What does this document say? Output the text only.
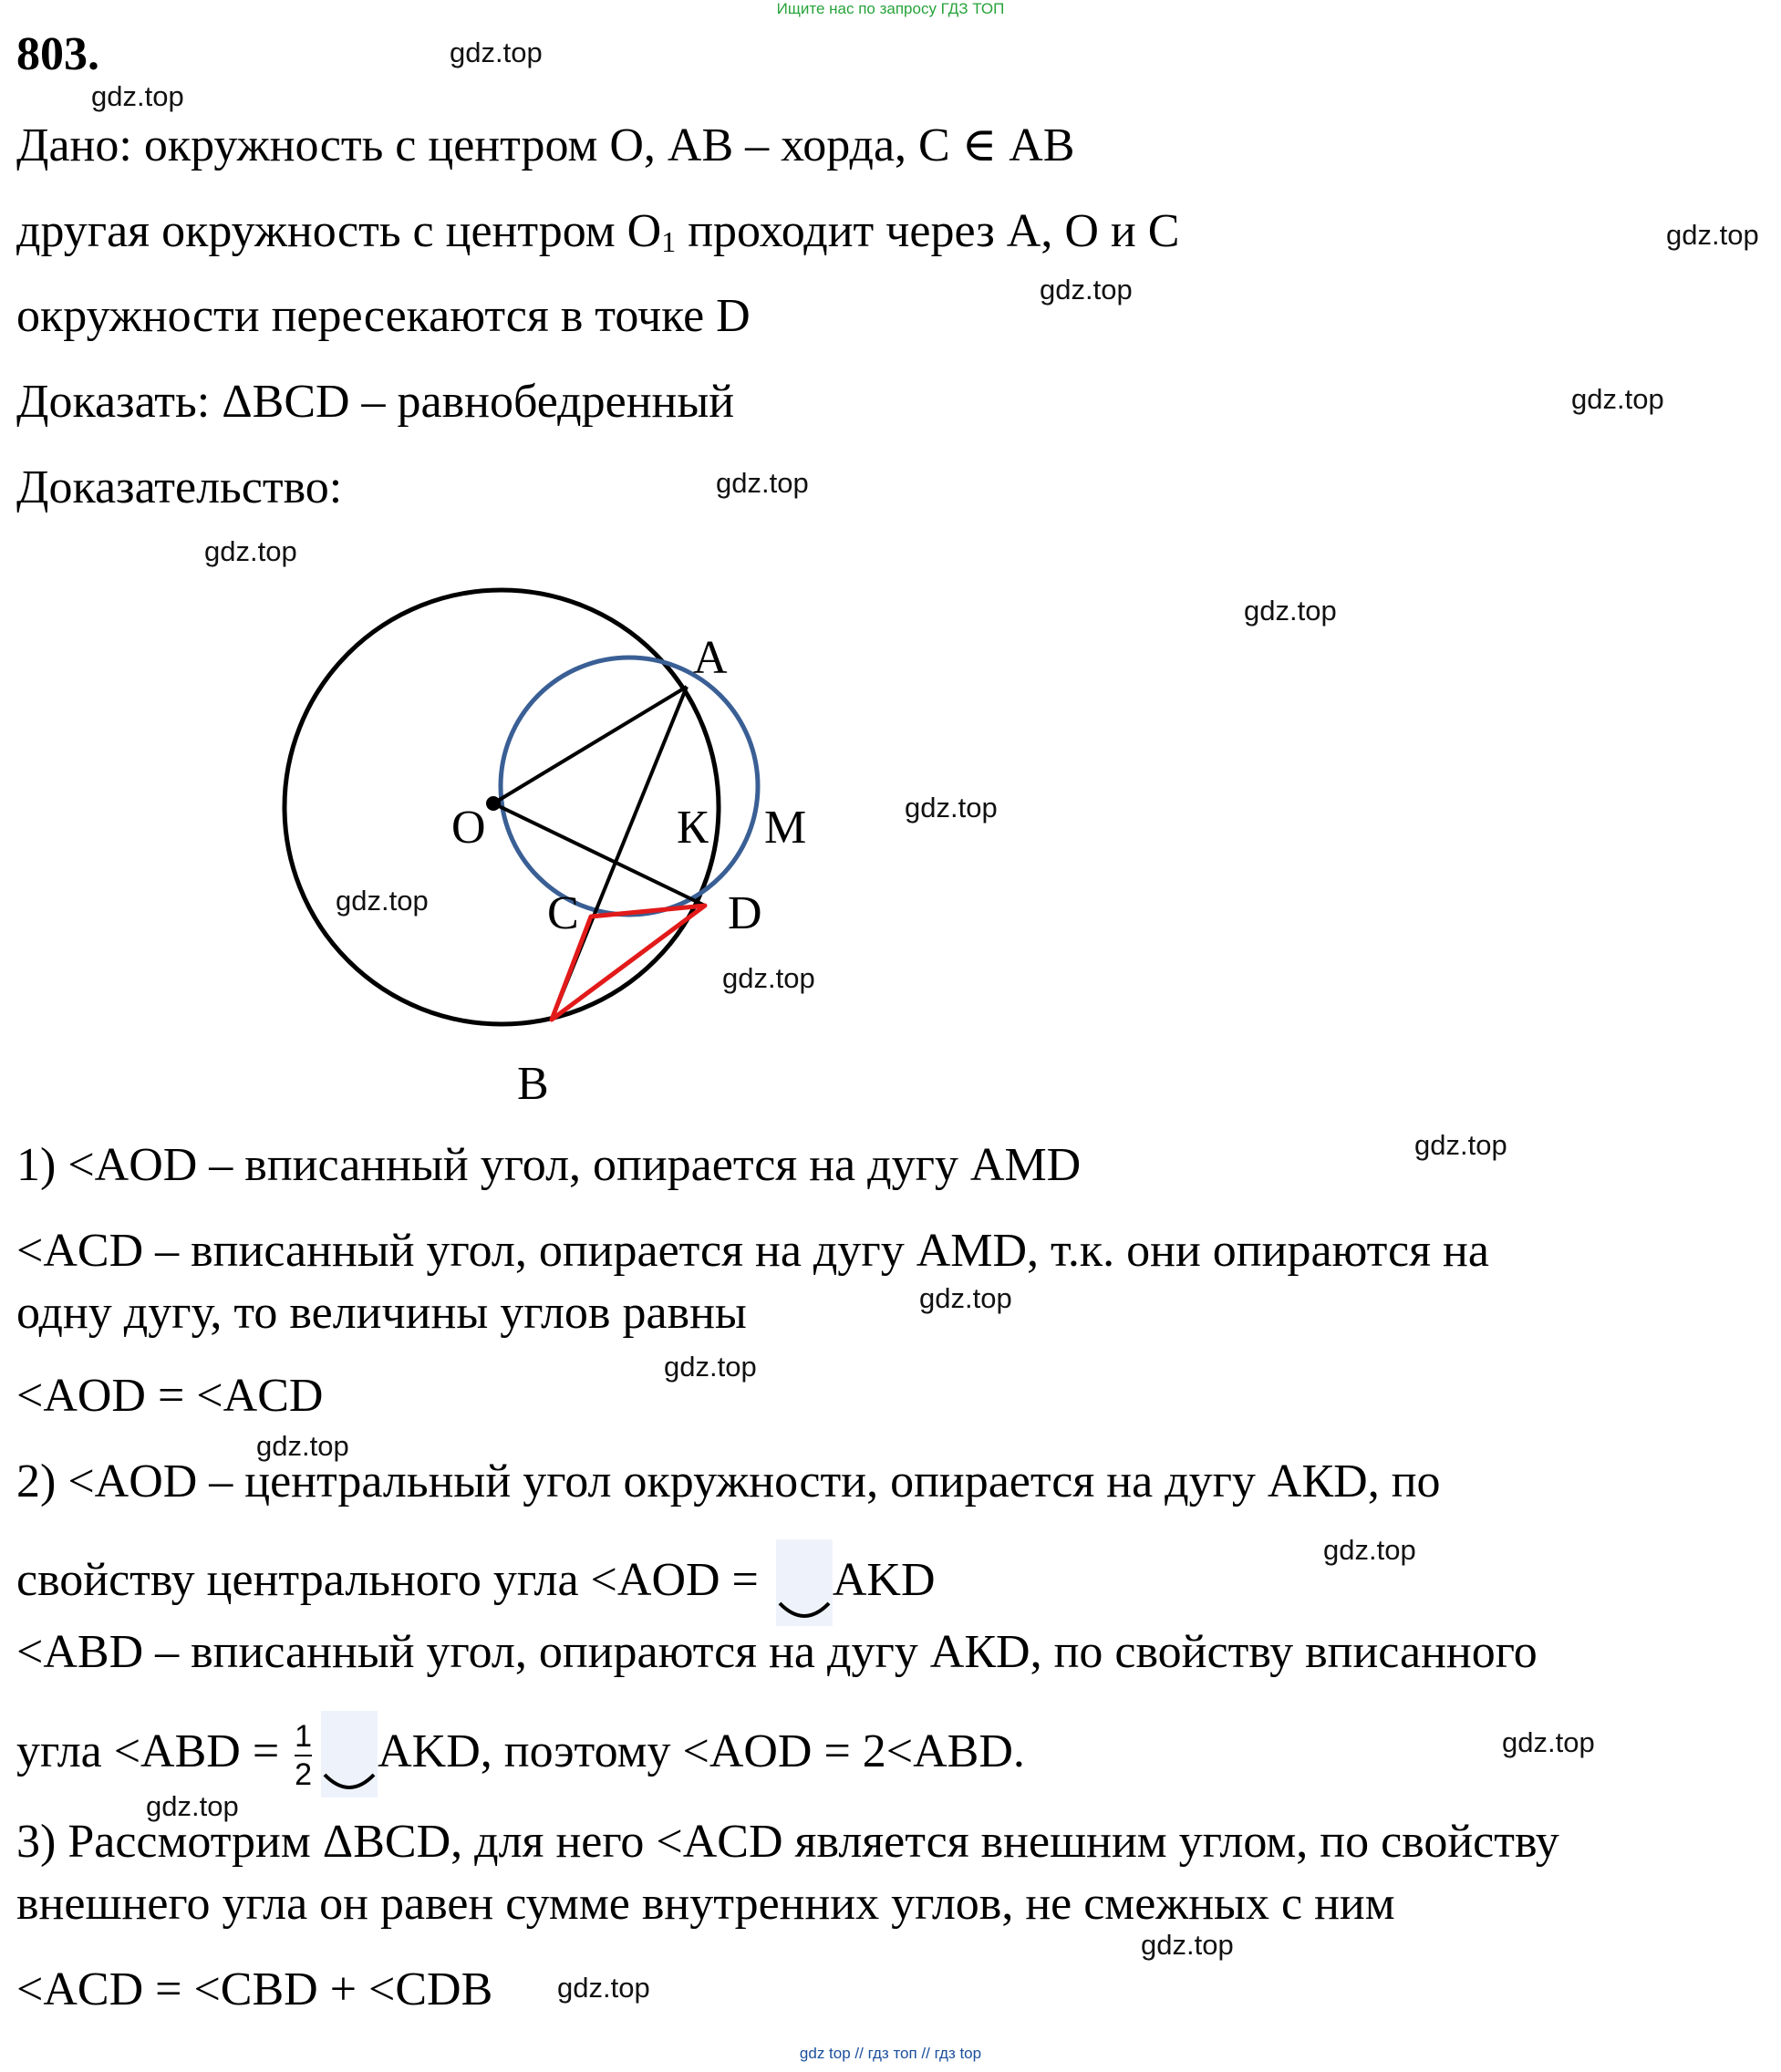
Ищите нас по запросу ГДЗ ТОП
803.
Дано: окружность с центром О, АВ – хорда, С ∈ АВ
другая окружность с центром О1 проходит через А, О и С
окружности пересекаются в точке D
Доказать: ΔBCD – равнобедренный
Доказательство:
A
O	К M
C	D
B
1) <AOD – вписанный угол, опирается на дугу AMD
<ACD – вписанный угол, опирается на дугу AMD, т.к. они опираются на
одну дугу, то величины углов равны
<AOD = <ACD
2) <AOD – центральный угол окружности, опирается на дугу АКD, по
свойству центрального угла <AOD =
AKD
<ABD – вписанный угол, опираются на дугу АКD, по свойству вписанного
угла $<ABD = \frac{1}{2}$ AKD, поэтому <AOD = 2<ABD.
3) Рассмотрим ΔBCD, для него <ACD является внешним углом, по свойству
внешнего угла он равен сумме внутренних углов, не смежных с ним
<ACD = <CBD + <CDB
gdz.top
gdz.top
gdz.top
gdz.top
gdz.top
gdz.top
gdz.top
gdz.top
gdz.top
gdz.top
gdz.top
gdz.top
gdz.top
gdz.top
gdz.top
gdz.top
gdz.top
gdz.top
gdz.top
gdz.top
gdz top // гдз топ // гдз top
